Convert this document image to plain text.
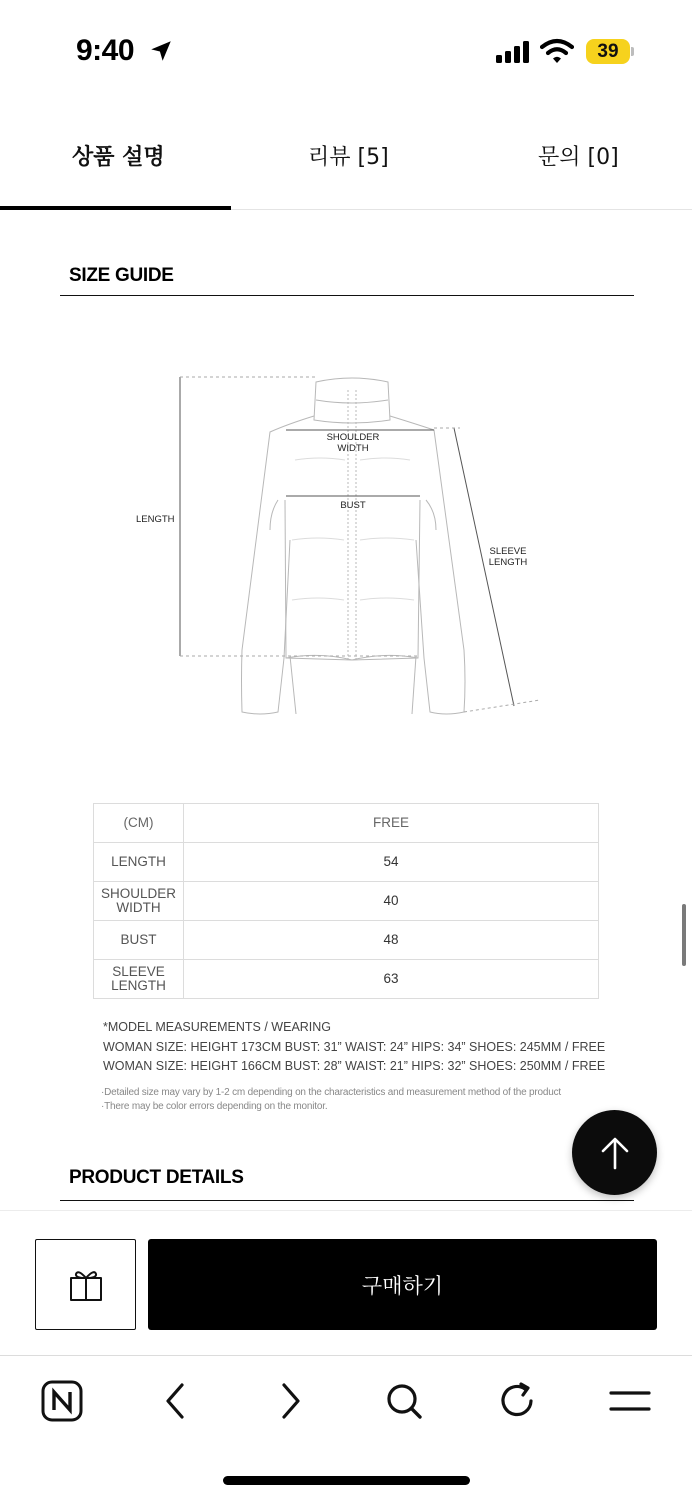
9:40	39
상품 설명	리뷰 [5]	문의 [0]
SIZE GUIDE
LENGTH
SHOULDER
WIDTH
BUST
SLEEVE
LENGTH
(CM)	FREE
LENGTH	54

SHOULDER
WIDTH	40
BUST	48

SLEEVE
LENGTH	63
*MODEL MEASUREMENTS / WEARING
WOMAN SIZE: HEIGHT 173CM BUST: 31” WAIST: 24” HIPS: 34” SHOES: 245MM / FREE
WOMAN SIZE: HEIGHT 166CM BUST: 28” WAIST: 21” HIPS: 32” SHOES: 250MM / FREE
·Detailed size may vary by 1-2 cm depending on the characteristics and measurement method of the product
·There may be color errors depending on the monitor.
PRODUCT DETAILS
구매하기
